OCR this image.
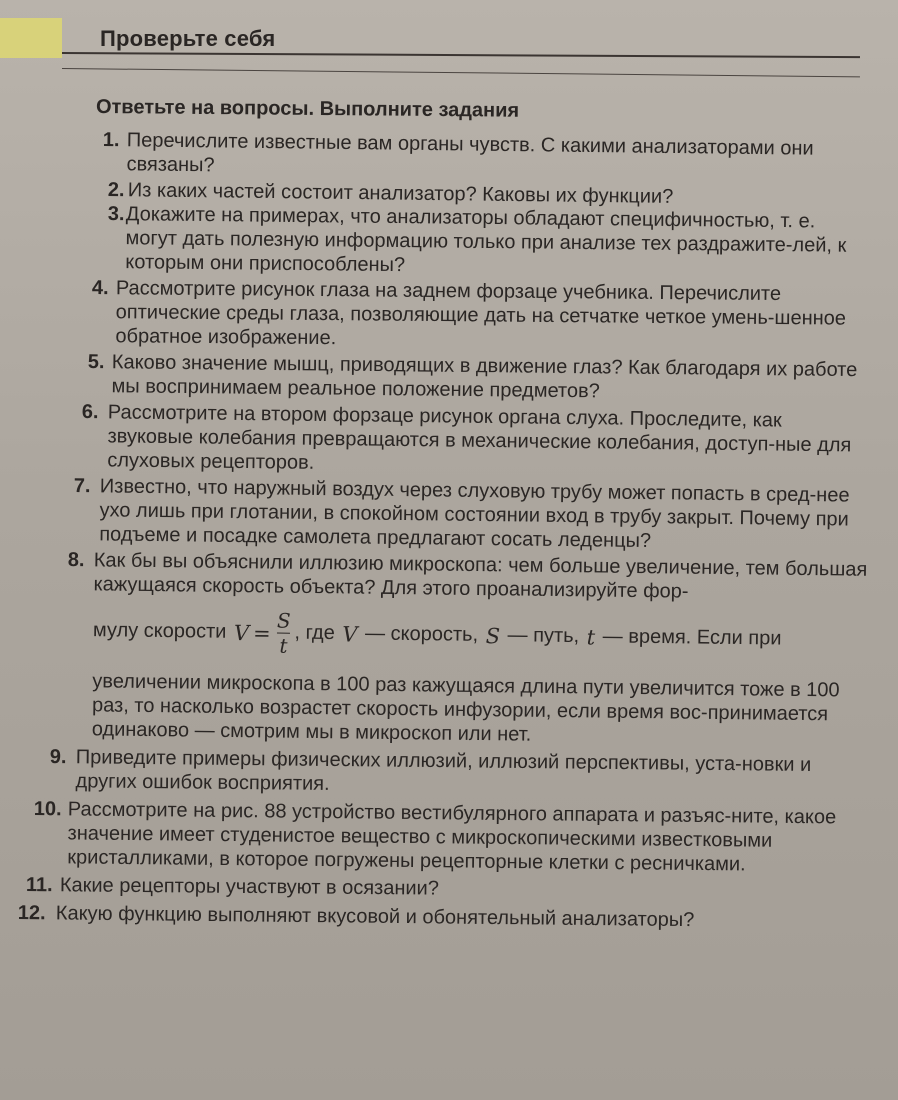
Проверьте себя
Ответьте на вопросы. Выполните задания
1. Перечислите известные вам органы чувств. С какими анализаторами они связаны?
2. Из каких частей состоит анализатор? Каковы их функции?
3. Докажите на примерах, что анализаторы обладают специфичностью, т. е. могут дать полезную информацию только при анализе тех раздражите-лей, к которым они приспособлены?
4. Рассмотрите рисунок глаза на заднем форзаце учебника. Перечислите оптические среды глаза, позволяющие дать на сетчатке четкое умень-шенное обратное изображение.
5. Каково значение мышц, приводящих в движение глаз? Как благодаря их работе мы воспринимаем реальное положение предметов?
6. Рассмотрите на втором форзаце рисунок органа слуха. Проследите, как звуковые колебания превращаются в механические колебания, доступ-ные для слуховых рецепторов.
7. Известно, что наружный воздух через слуховую трубу может попасть в сред-нее ухо лишь при глотании, в спокойном состоянии вход в трубу закрыт. Почему при подъеме и посадке самолета предлагают сосать леденцы?
8. Как бы вы объяснили иллюзию микроскопа: чем больше увеличение, тем большая кажущаяся скорость объекта? Для этого проанализируйте фор-
мулу скорости $V = \frac{S}{t}$ , где V — скорость, S — путь, t — время. Если при
увеличении микроскопа в 100 раз кажущаяся длина пути увеличится тоже в 100 раз, то насколько возрастет скорость инфузории, если время вос-принимается одинаково — смотрим мы в микроскоп или нет.
9. Приведите примеры физических иллюзий, иллюзий перспективы, уста-новки и других ошибок восприятия.
10. Рассмотрите на рис. 88 устройство вестибулярного аппарата и разъяс-ните, какое значение имеет студенистое вещество с микроскопическими известковыми кристалликами, в которое погружены рецепторные клетки с ресничками.
11. Какие рецепторы участвуют в осязании?
12. Какую функцию выполняют вкусовой и обонятельный анализаторы?
